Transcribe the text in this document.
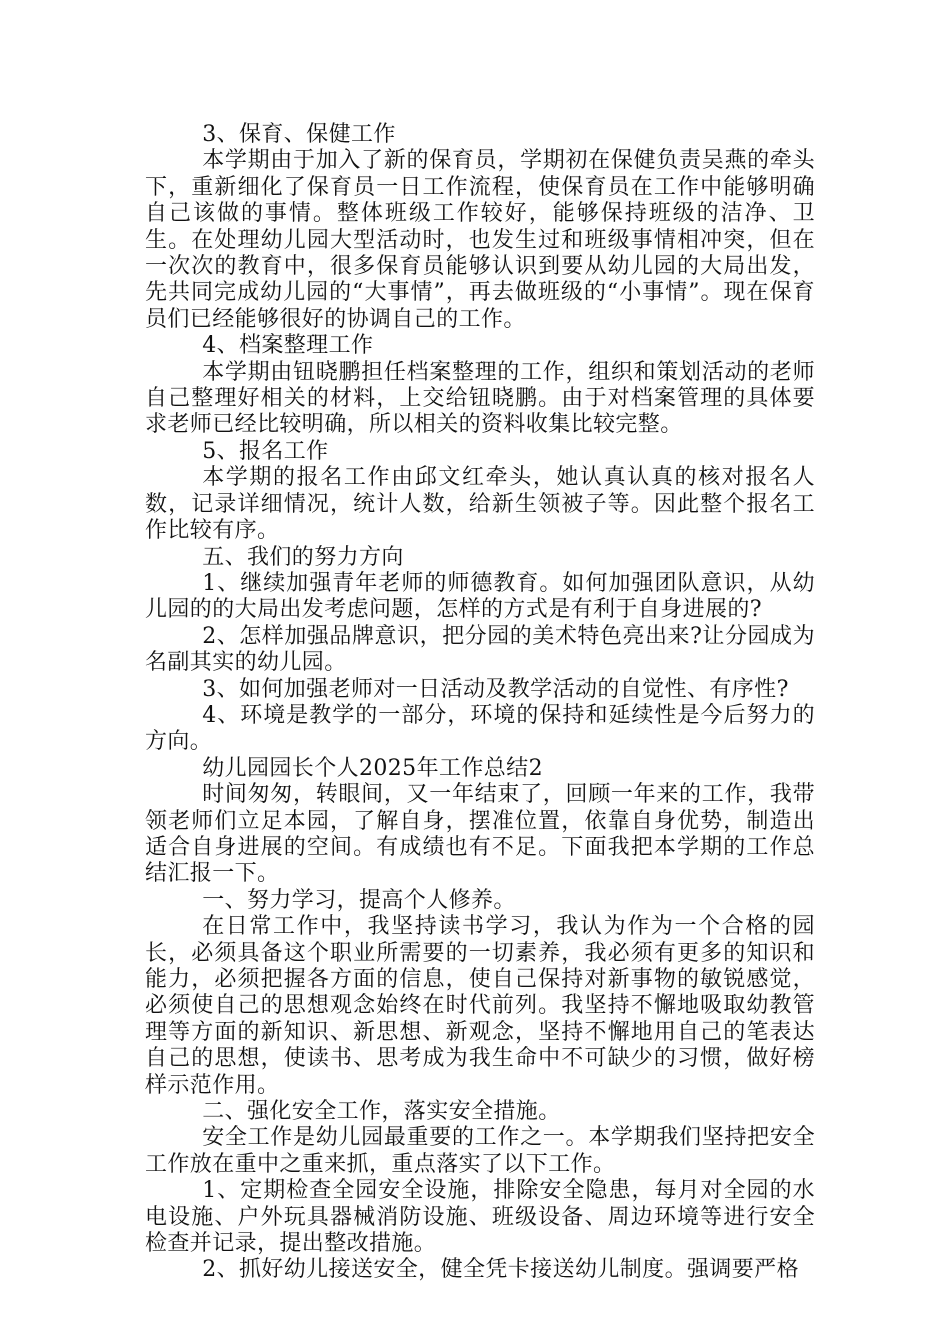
3、保育、保健工作

本学期由于加入了新的保育员，学期初在保健负责吴燕的牵头下，重新细化了保育员一日工作流程，使保育员在工作中能够明确自己该做的事情。整体班级工作较好，能够保持班级的洁净、卫生。在处理幼儿园大型活动时，也发生过和班级事情相冲突，但在一次次的教育中，很多保育员能够认识到要从幼儿园的大局出发，先共同完成幼儿园的“大事情”，再去做班级的“小事情”。现在保育员们已经能够很好的协调自己的工作。

4、档案整理工作

本学期由钮晓鹏担任档案整理的工作，组织和策划活动的老师自己整理好相关的材料，上交给钮晓鹏。由于对档案管理的具体要求老师已经比较明确，所以相关的资料收集比较完整。

5、报名工作

本学期的报名工作由邱文红牵头，她认真认真的核对报名人数，记录详细情况，统计人数，给新生领被子等。因此整个报名工作比较有序。

五、我们的努力方向

1、继续加强青年老师的师德教育。如何加强团队意识，从幼儿园的的大局出发考虑问题，怎样的方式是有利于自身进展的?

2、怎样加强品牌意识，把分园的美术特色亮出来?让分园成为名副其实的幼儿园。

3、如何加强老师对一日活动及教学活动的自觉性、有序性?

4、环境是教学的一部分，环境的保持和延续性是今后努力的方向。

幼儿园园长个人2025年工作总结2

时间匆匆，转眼间，又一年结束了，回顾一年来的工作，我带领老师们立足本园，了解自身，摆准位置，依靠自身优势，制造出适合自身进展的空间。有成绩也有不足。下面我把本学期的工作总结汇报一下。

一、努力学习，提高个人修养。

在日常工作中，我坚持读书学习，我认为作为一个合格的园长，必须具备这个职业所需要的一切素养，我必须有更多的知识和能力，必须把握各方面的信息，使自己保持对新事物的敏锐感觉，必须使自己的思想观念始终在时代前列。我坚持不懈地吸取幼教管理等方面的新知识、新思想、新观念，坚持不懈地用自己的笔表达自己的思想，使读书、思考成为我生命中不可缺少的习惯，做好榜样示范作用。

二、强化安全工作，落实安全措施。

安全工作是幼儿园最重要的工作之一。本学期我们坚持把安全工作放在重中之重来抓，重点落实了以下工作。

1、定期检查全园安全设施，排除安全隐患，每月对全园的水电设施、户外玩具器械消防设施、班级设备、周边环境等进行安全检查并记录，提出整改措施。

2、抓好幼儿接送安全，健全凭卡接送幼儿制度。强调要严格
